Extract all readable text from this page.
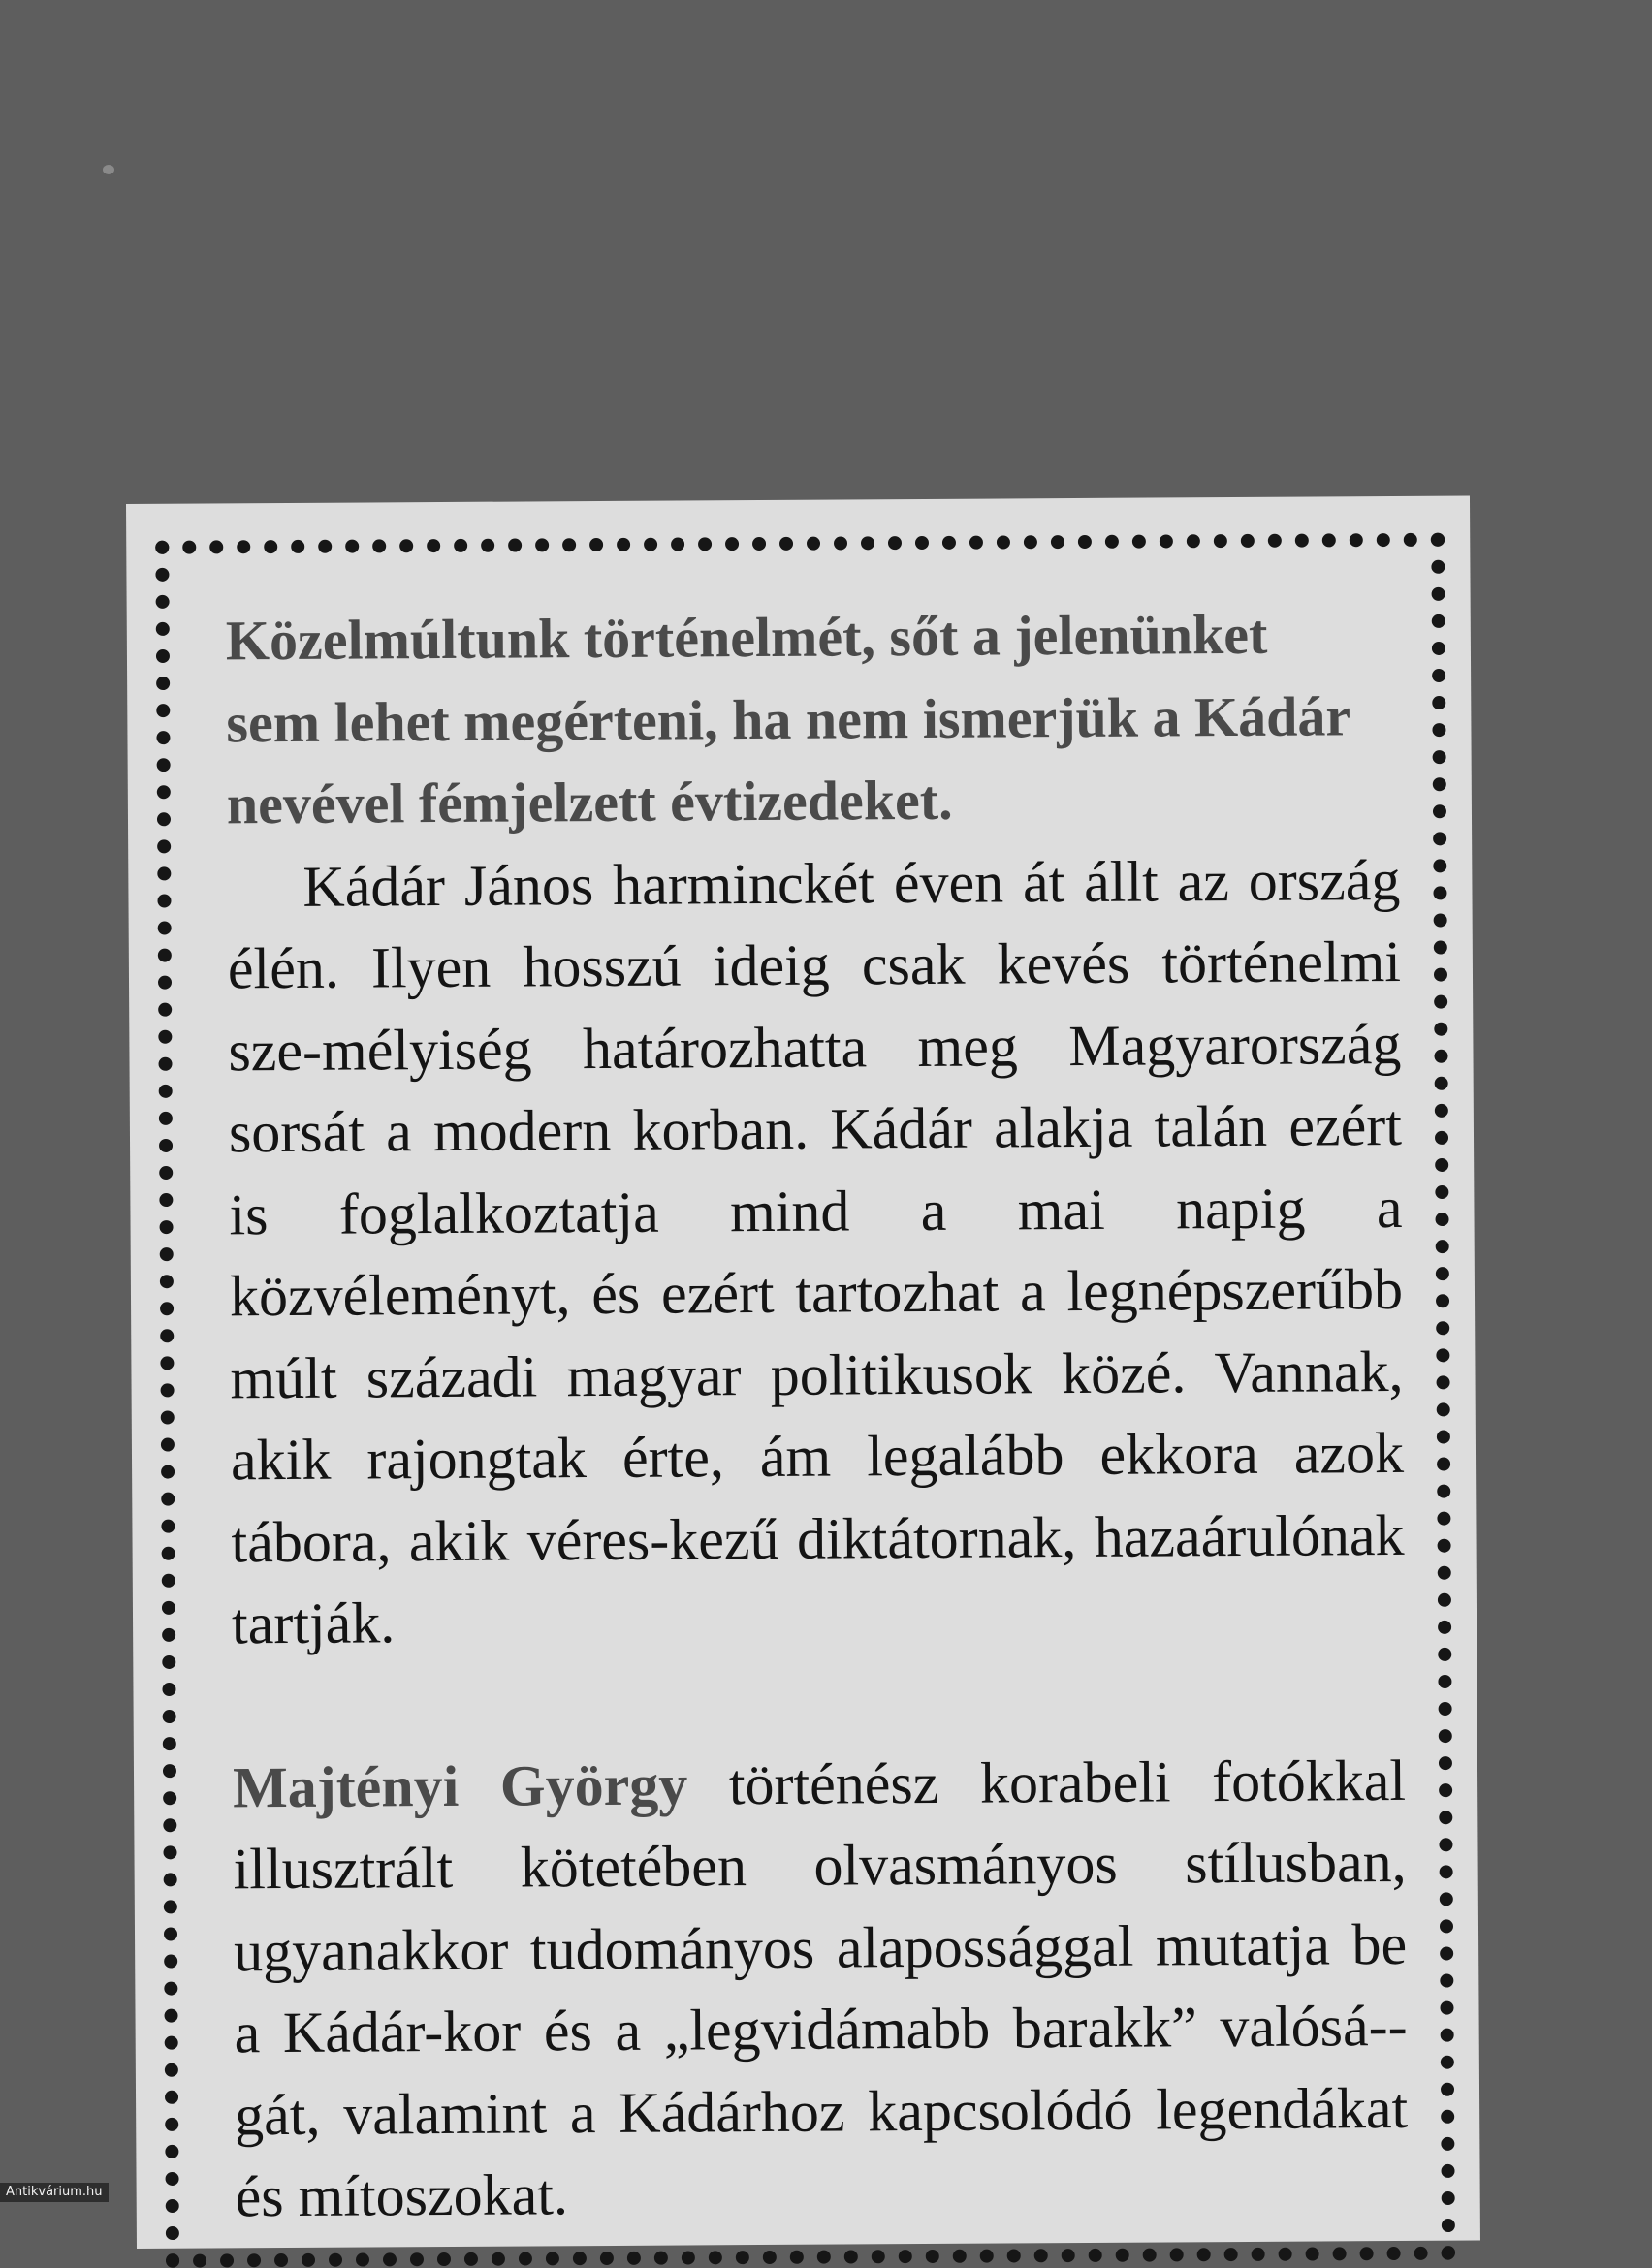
Közelmúltunk történelmét, sőt a jelenünket
sem lehet megérteni, ha nem ismerjük a Kádár
nevével fémjelzett évtizedeket.

Kádár János harminckét éven át állt az ország élén. Ilyen hosszú ideig csak kevés történelmi sze-mélyiség határozhatta meg Magyarország sorsát a modern korban. Kádár alakja talán ezért is foglalkoztatja mind a mai napig a közvéleményt, és ezért tartozhat a legnépszerűbb múlt századi magyar politikusok közé. Vannak, akik rajongtak érte, ám legalább ekkora azok tábora, akik véres-kezű diktátornak, hazaárulónak tartják.

Majtényi György történész korabeli fotókkal illusztrált kötetében olvasmányos stílusban, ugyanakkor tudományos alapossággal mutatja be a Kádár-kor és a „legvidámabb barakk” valósá-gát, valamint a Kádárhoz kapcsolódó legendákat és mítoszokat.

Antikvárium.hu
